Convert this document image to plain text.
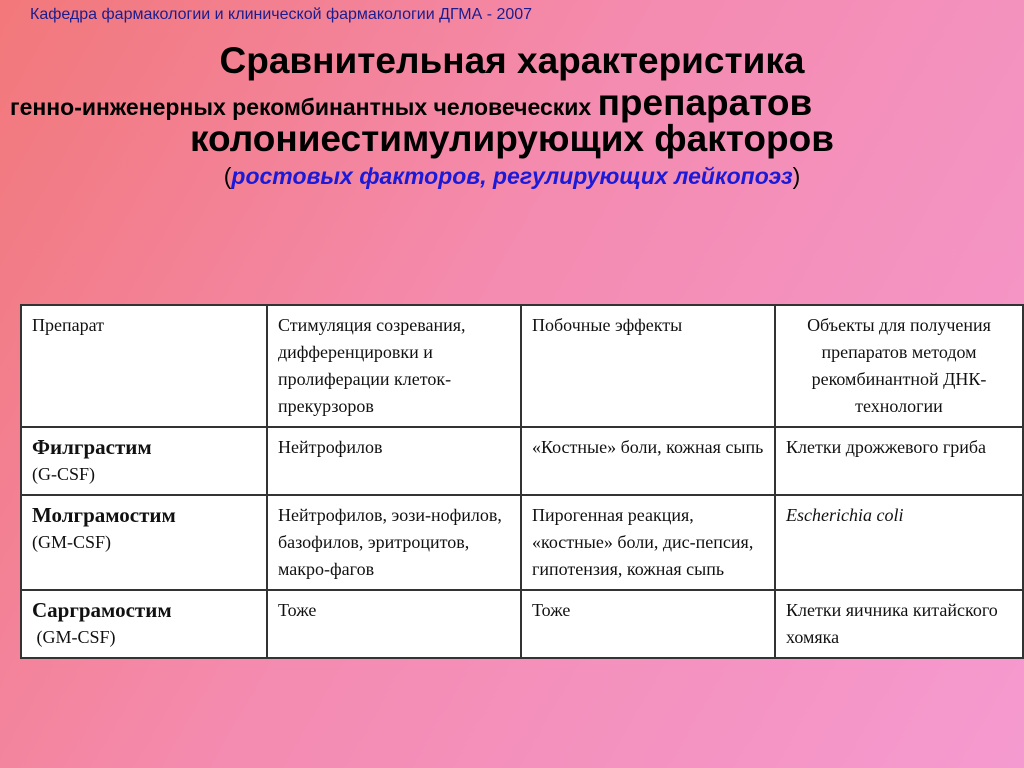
Кафедра фармакологии и клинической фармакологии ДГМА - 2007
Сравнительная характеристика
генно-инженерных рекомбинантных человеческих препаратов
колониестимулирующих факторов
(ростовых факторов, регулирующих лейкопоэз)
Препарат	Стимуляция созревания, дифференцировки и пролиферации клеток-прекурзоров	Побочные эффекты	Объекты для получения препаратов методом рекомбинантной ДНК-технологии

Филграстим
(G-CSF)	Нейтрофилов	«Костные» боли, кожная сыпь	Клетки дрожжевого гриба

Молграмостим
(GM-CSF)	Нейтрофилов, эози-нофилов, базофилов, эритроцитов, макро-фагов	Пирогенная реакция, «костные» боли, дис-пепсия, гипотензия, кожная сыпь	Escherichia coli

Сарграмостим
(GM-CSF)	Тоже	Тоже	Клетки яичника китайского хомяка
